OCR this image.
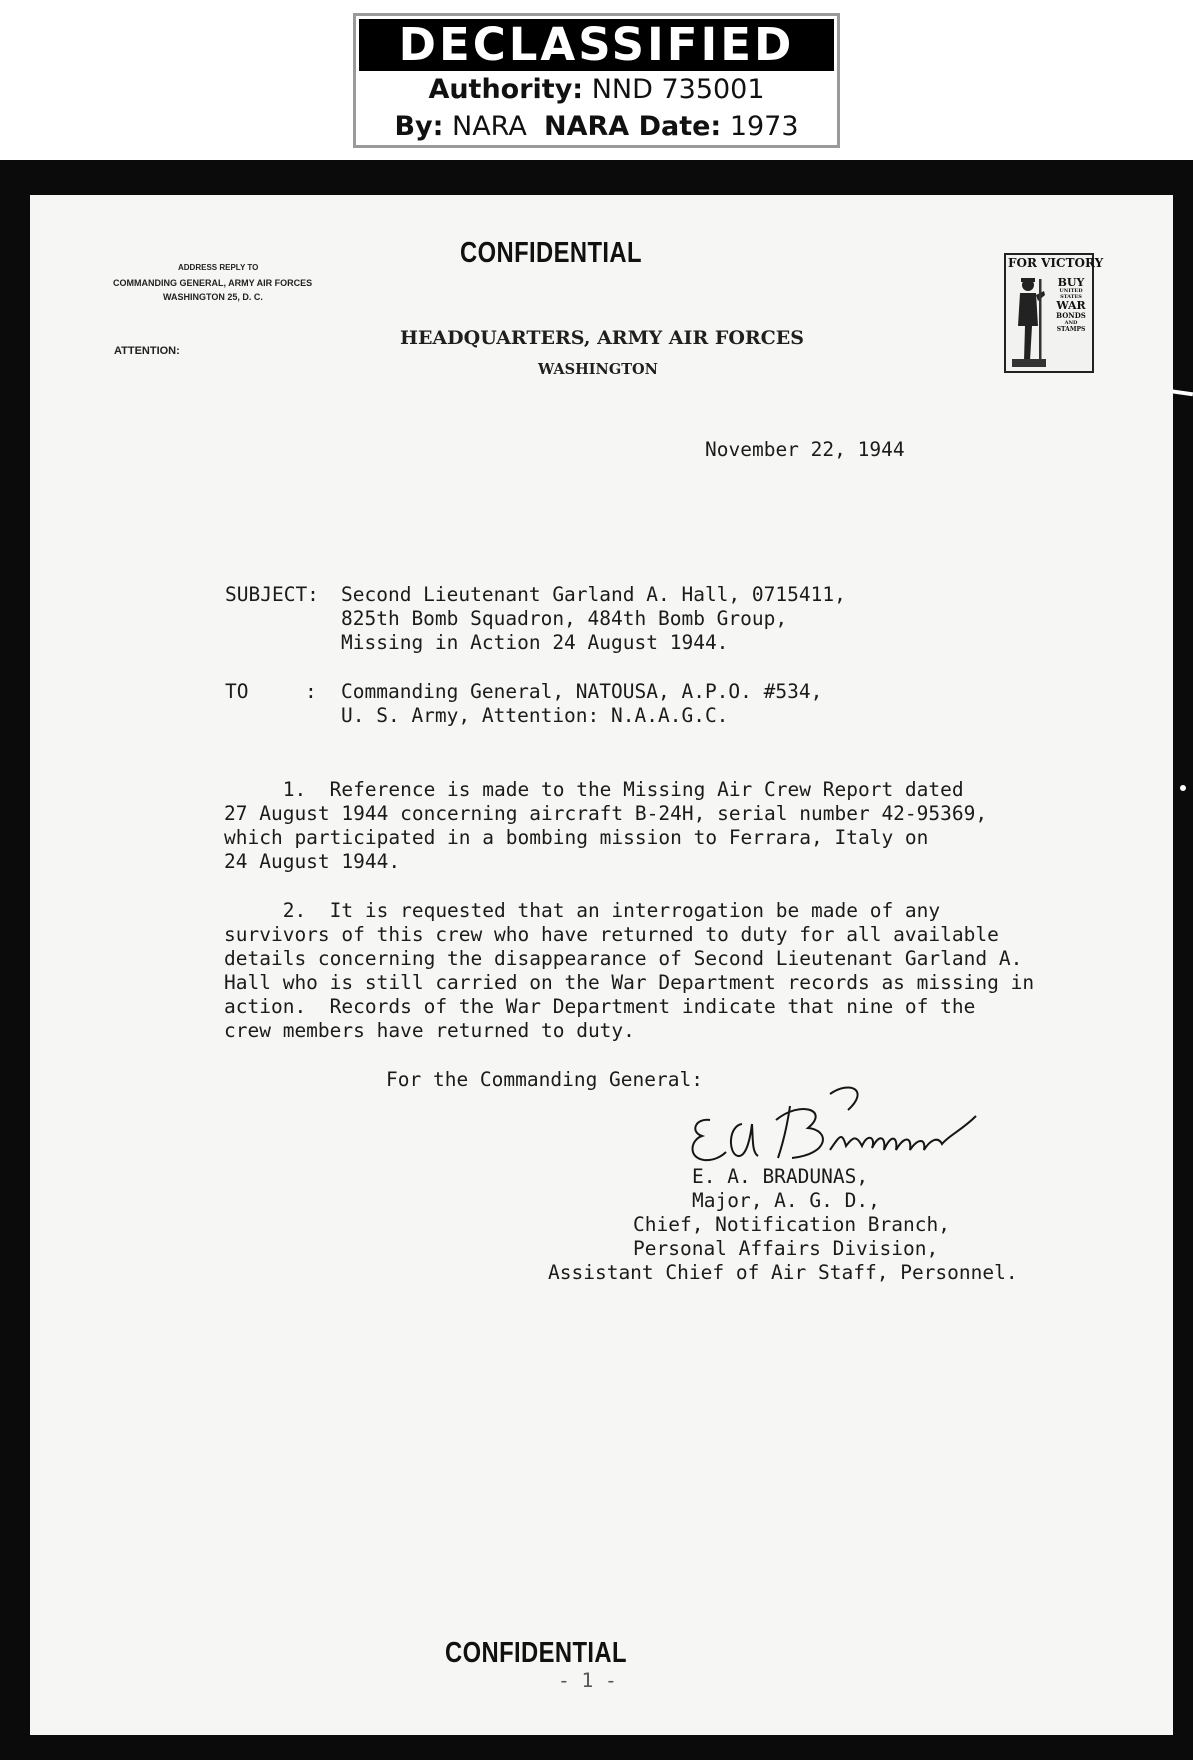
DECLASSIFIED
Authority: NND 735001
By: NARA NARA Date: 1973
ADDRESS REPLY TO
COMMANDING GENERAL, ARMY AIR FORCES
WASHINGTON 25, D. C.
ATTENTION:
CONFIDENTIAL
HEADQUARTERS, ARMY AIR FORCES
WASHINGTON
November 22, 1944
SUBJECT: Second Lieutenant Garland A. Hall, 0715411,
825th Bomb Squadron, 484th Bomb Group,
Missing in Action 24 August 1944.
TO	: Commanding General, NATOUSA, A.P.O. #534,
U. S. Army, Attention: N.A.A.G.C.
1.  Reference is made to the Missing Air Crew Report dated
27 August 1944 concerning aircraft B-24H, serial number 42-95369,
which participated in a bombing mission to Ferrara, Italy on
24 August 1944.
2.  It is requested that an interrogation be made of any
survivors of this crew who have returned to duty for all available
details concerning the disappearance of Second Lieutenant Garland A.
Hall who is still carried on the War Department records as missing in
action.  Records of the War Department indicate that nine of the
crew members have returned to duty.
For the Commanding General:
E. A. BRADUNAS,
Major, A. G. D.,
Chief, Notification Branch,
Personal Affairs Division,
Assistant Chief of Air Staff, Personnel.
CONFIDENTIAL
- 1 -
FOR VICTORY
BUY
UNITED
STATES
WAR
BONDS
AND
STAMPS
